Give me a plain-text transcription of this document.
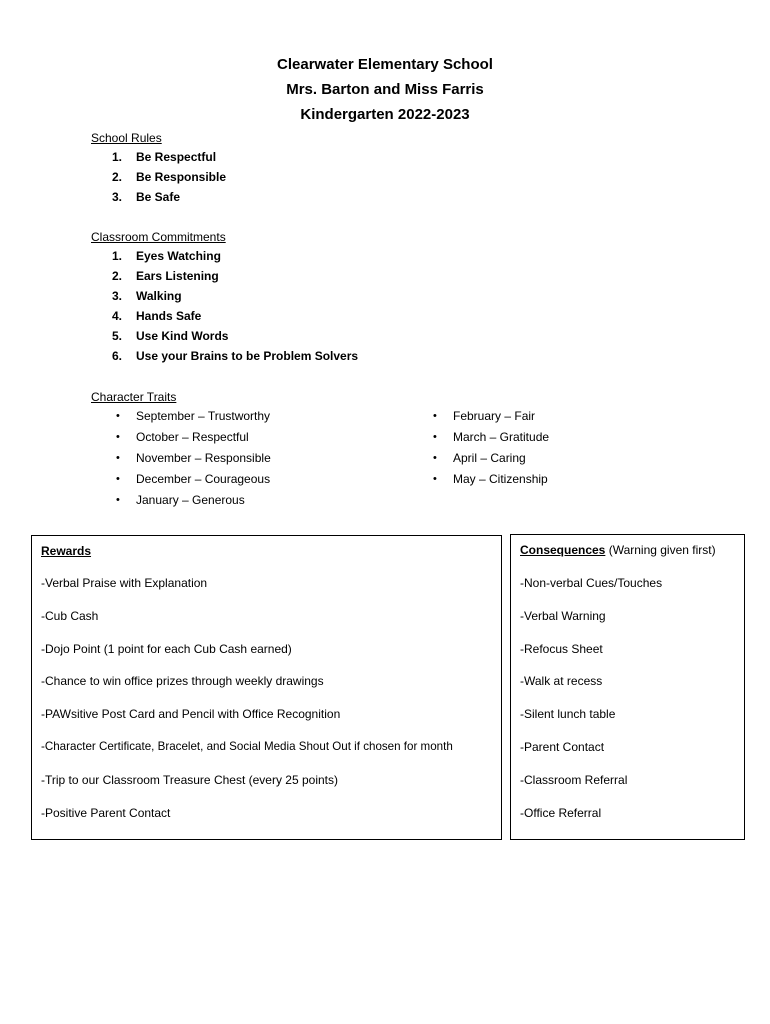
Clearwater Elementary School
Mrs. Barton and Miss Farris
Kindergarten 2022-2023
School Rules
1.	Be Respectful
2.	Be Responsible
3.	Be Safe
Classroom Commitments
1.	Eyes Watching
2.	Ears Listening
3.	Walking
4.	Hands Safe
5.	Use Kind Words
6.	Use your Brains to be Problem Solvers
Character Traits
• September – Trustworthy
• October – Respectful
• November – Responsible
• December – Courageous
• January – Generous
• February – Fair
• March – Gratitude
• April – Caring
• May – Citizenship
Rewards
-Verbal Praise with Explanation
-Cub Cash
-Dojo Point (1 point for each Cub Cash earned)
-Chance to win office prizes through weekly drawings
-PAWsitive Post Card and Pencil with Office Recognition
-Character Certificate, Bracelet, and Social Media Shout Out if chosen for month
-Trip to our Classroom Treasure Chest (every 25 points)
-Positive Parent Contact
Consequences (Warning given first)
-Non-verbal Cues/Touches
-Verbal Warning
-Refocus Sheet
-Walk at recess
-Silent lunch table
-Parent Contact
-Classroom Referral
-Office Referral
